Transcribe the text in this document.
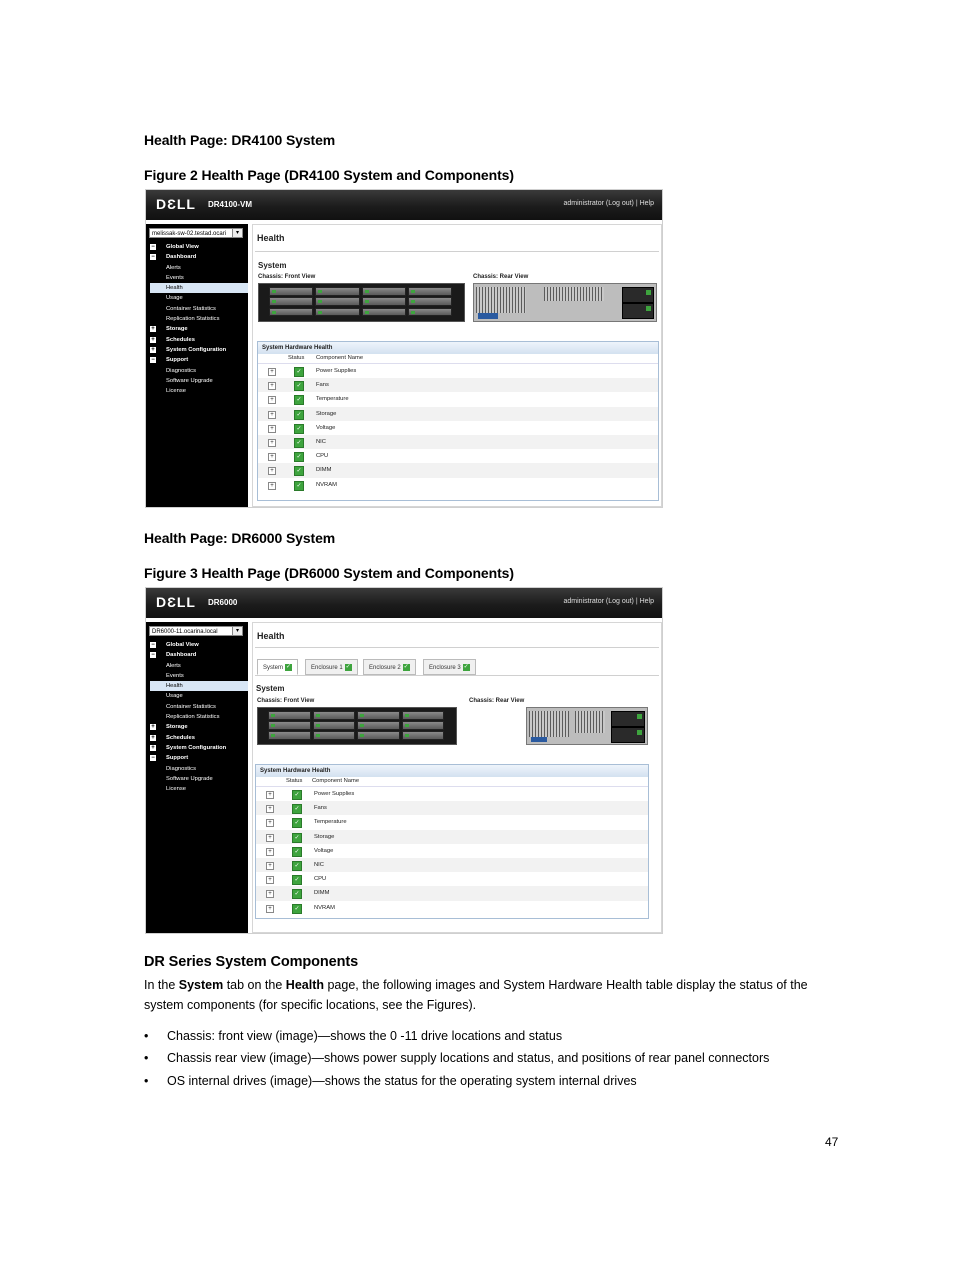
Health Page: DR4100 System
Figure 2 Health Page (DR4100 System and Components)
DƐLL DR4100-VM	administrator (Log out) | Help
melissak-sw-02.testad.ocari	▾
− Global View
− Dashboard
Alerts
Events
Health
Usage
Container Statistics
Replication Statistics
+ Storage
+ Schedules
+ System Configuration
− Support
Diagnostics
Software Upgrade
License
Health
System
Chassis: Front View	Chassis: Rear View
System Hardware Health
Status Component Name
+	✓	Power Supplies
+	✓	Fans
+	✓	Temperature
+	✓	Storage
+	✓	Voltage
+	✓	NIC
+	✓	CPU
+	✓	DIMM
+	✓	NVRAM
Health Page: DR6000 System
Figure 3 Health Page (DR6000 System and Components)
DƐLL DR6000	administrator (Log out) | Help
DR6000-11.ocarina.local	▾
− Global View
− Dashboard
Alerts
Events
Health
Usage
Container Statistics
Replication Statistics
+ Storage
+ Schedules
+ System Configuration
− Support
Diagnostics
Software Upgrade
License
Health
System ✓	Enclosure 1 ✓	Enclosure 2 ✓	Enclosure 3 ✓
System
Chassis: Front View	Chassis: Rear View
System Hardware Health
Status Component Name
+	✓	Power Supplies
+	✓	Fans
+	✓	Temperature
+	✓	Storage
+	✓	Voltage
+	✓	NIC
+	✓	CPU
+	✓	DIMM
+	✓	NVRAM
DR Series System Components
In the System tab on the Health page, the following images and System Hardware Health table display the status of the
system components (for specific locations, see the Figures).
• Chassis: front view (image)—shows the 0 -11 drive locations and status
• Chassis rear view (image)—shows power supply locations and status, and positions of rear panel connectors
• OS internal drives (image)—shows the status for the operating system internal drives
47
